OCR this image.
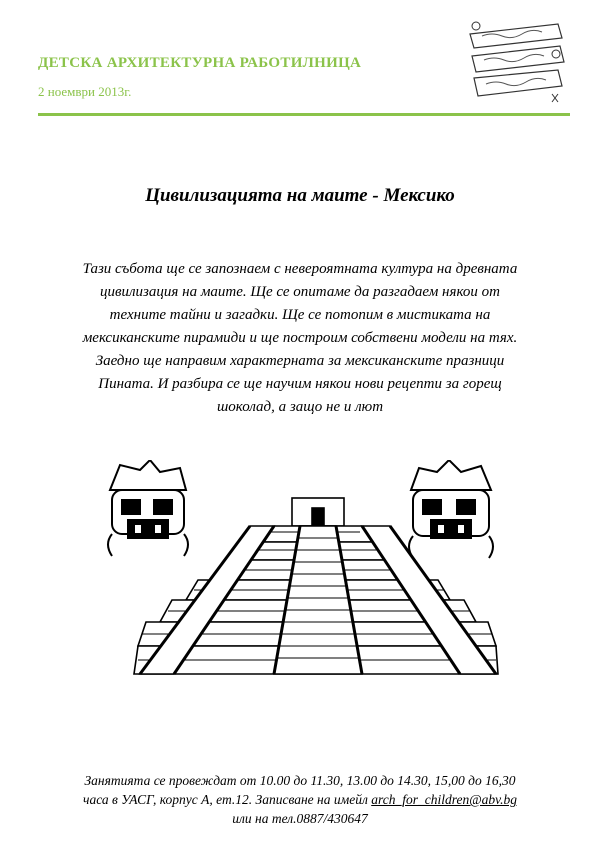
ДЕТСКА АРХИТЕКТУРНА РАБОТИЛНИЦА
2 ноември 2013г.
Цивилизацията на маите - Мексико
Тази събота ще се запознаем с невероятната култура на древната цивилизация на маите. Ще се опитаме да разгадаем някои от техните тайни и загадки. Ще се потопим в мистиката на мексиканските пирамиди и ще построим собствени модели на тях. Заедно ще направим характерната за мексиканските празници Пината. И разбира се ще научим някои нови рецепти за горещ шоколад, а защо не и лют
Занятията се провеждат от 10.00 до 11.30, 13.00 до 14.30, 15,00 до 16,30
часа в УАСГ, корпус А, ет.12. Записване на имейл arch_for_children@abv.bg
или на тел.0887/430647
